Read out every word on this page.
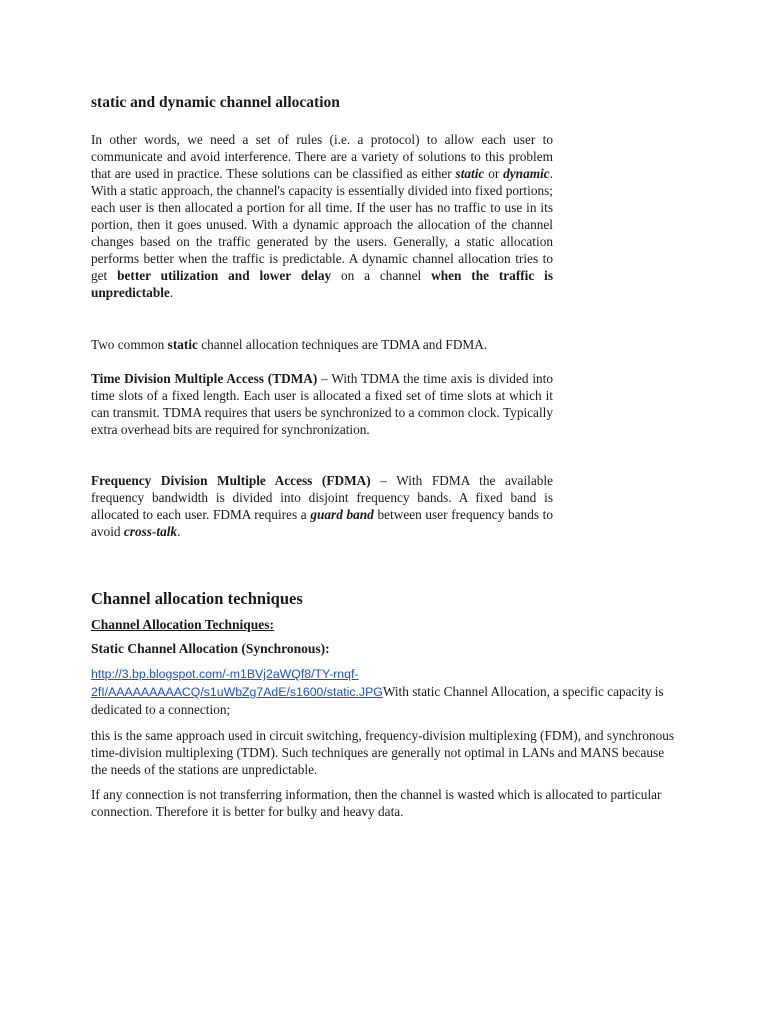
static and dynamic channel allocation
In other words, we need a set of rules (i.e. a protocol) to allow each user to communicate and avoid interference. There are a variety of solutions to this problem that are used in practice. These solutions can be classified as either static or dynamic. With a static approach, the channel's capacity is essentially divided into fixed portions; each user is then allocated a portion for all time. If the user has no traffic to use in its portion, then it goes unused. With a dynamic approach the allocation of the channel changes based on the traffic generated by the users. Generally, a static allocation performs better when the traffic is predictable. A dynamic channel allocation tries to get better utilization and lower delay on a channel when the traffic is unpredictable.
Two common static channel allocation techniques are TDMA and FDMA.
Time Division Multiple Access (TDMA) – With TDMA the time axis is divided into time slots of a fixed length. Each user is allocated a fixed set of time slots at which it can transmit. TDMA requires that users be synchronized to a common clock. Typically extra overhead bits are required for synchronization.
Frequency Division Multiple Access (FDMA) – With FDMA the available frequency bandwidth is divided into disjoint frequency bands. A fixed band is allocated to each user. FDMA requires a guard band between user frequency bands to avoid cross-talk.
Channel allocation techniques
Channel Allocation Techniques:
Static Channel Allocation (Synchronous):
http://3.bp.blogspot.com/-m1BVj2aWQf8/TY-rnqf-
2fI/AAAAAAAAACQ/s1uWbZg7AdE/s1600/static.JPGWith static Channel Allocation, a specific capacity is dedicated to a connection;
this is the same approach used in circuit switching, frequency-division multiplexing (FDM), and synchronous time-division multiplexing (TDM). Such techniques are generally not optimal in LANs and MANS because the needs of the stations are unpredictable.
If any connection is not transferring information, then the channel is wasted which is allocated to particular connection. Therefore it is better for bulky and heavy data.
